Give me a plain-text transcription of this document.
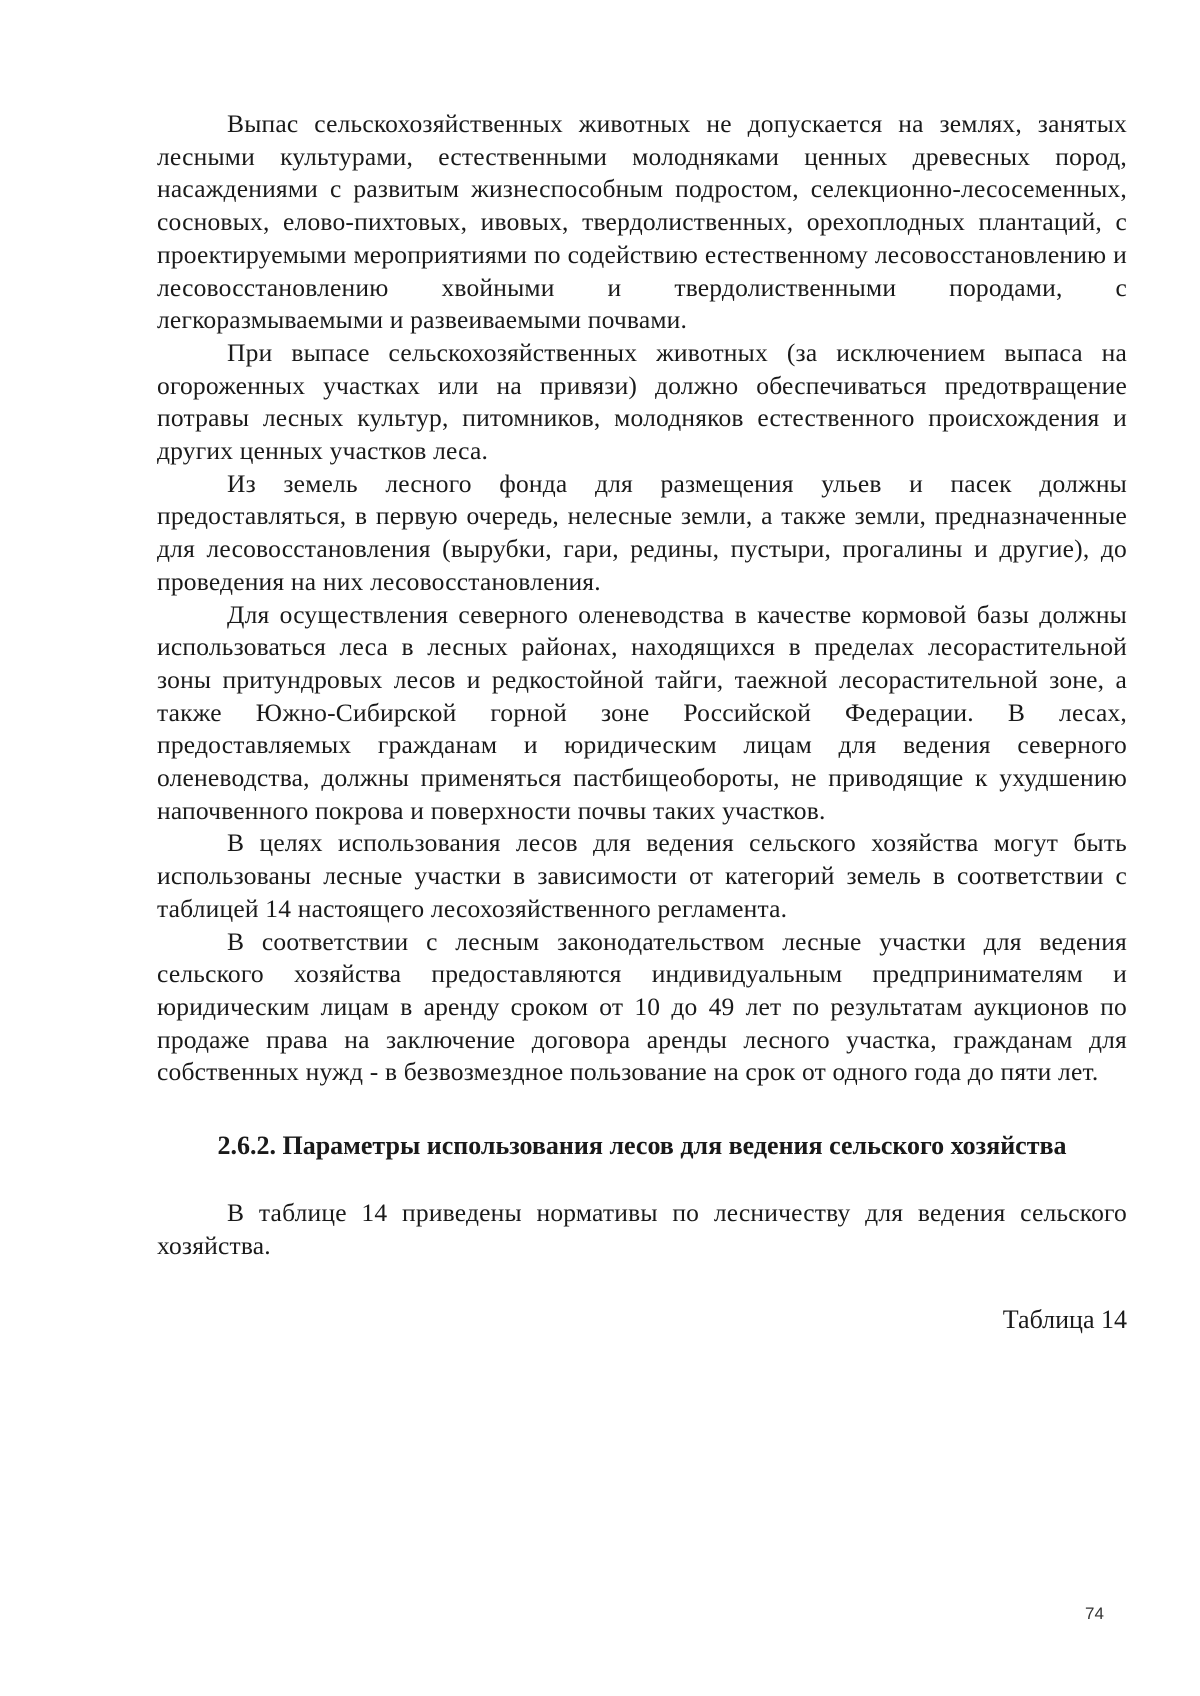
Выпас сельскохозяйственных животных не допускается на землях, занятых лесными культурами, естественными молодняками ценных древесных пород, насаждениями с развитым жизнеспособным подростом, селекционно-лесосеменных, сосновых, елово-пихтовых, ивовых, твердолиственных, орехоплодных плантаций, с проектируемыми мероприятиями по содействию естественному лесовосстановлению и лесовосстановлению хвойными и твердолиственными породами, с легкоразмываемыми и развеиваемыми почвами.

При выпасе сельскохозяйственных животных (за исключением выпаса на огороженных участках или на привязи) должно обеспечиваться предотвращение потравы лесных культур, питомников, молодняков естественного происхождения и других ценных участков леса.

Из земель лесного фонда для размещения ульев и пасек должны предоставляться, в первую очередь, нелесные земли, а также земли, предназначенные для лесовосстановления (вырубки, гари, редины, пустыри, прогалины и другие), до проведения на них лесовосстановления.

Для осуществления северного оленеводства в качестве кормовой базы должны использоваться леса в лесных районах, находящихся в пределах лесорастительной зоны притундровых лесов и редкостойной тайги, таежной лесорастительной зоне, а также Южно-Сибирской горной зоне Российской Федерации. В лесах, предоставляемых гражданам и юридическим лицам для ведения северного оленеводства, должны применяться пастбищеобороты, не приводящие к ухудшению напочвенного покрова и поверхности почвы таких участков.

В целях использования лесов для ведения сельского хозяйства могут быть использованы лесные участки в зависимости от категорий земель в соответствии с таблицей 14 настоящего лесохозяйственного регламента.

В соответствии с лесным законодательством лесные участки для ведения сельского хозяйства предоставляются индивидуальным предпринимателям и юридическим лицам в аренду сроком от 10 до 49 лет по результатам аукционов по продаже права на заключение договора аренды лесного участка, гражданам для собственных нужд - в безвозмездное пользование на срок от одного года до пяти лет.

2.6.2. Параметры использования лесов для ведения сельского хозяйства

В таблице 14 приведены нормативы по лесничеству для ведения сельского хозяйства.

Таблица 14

74
